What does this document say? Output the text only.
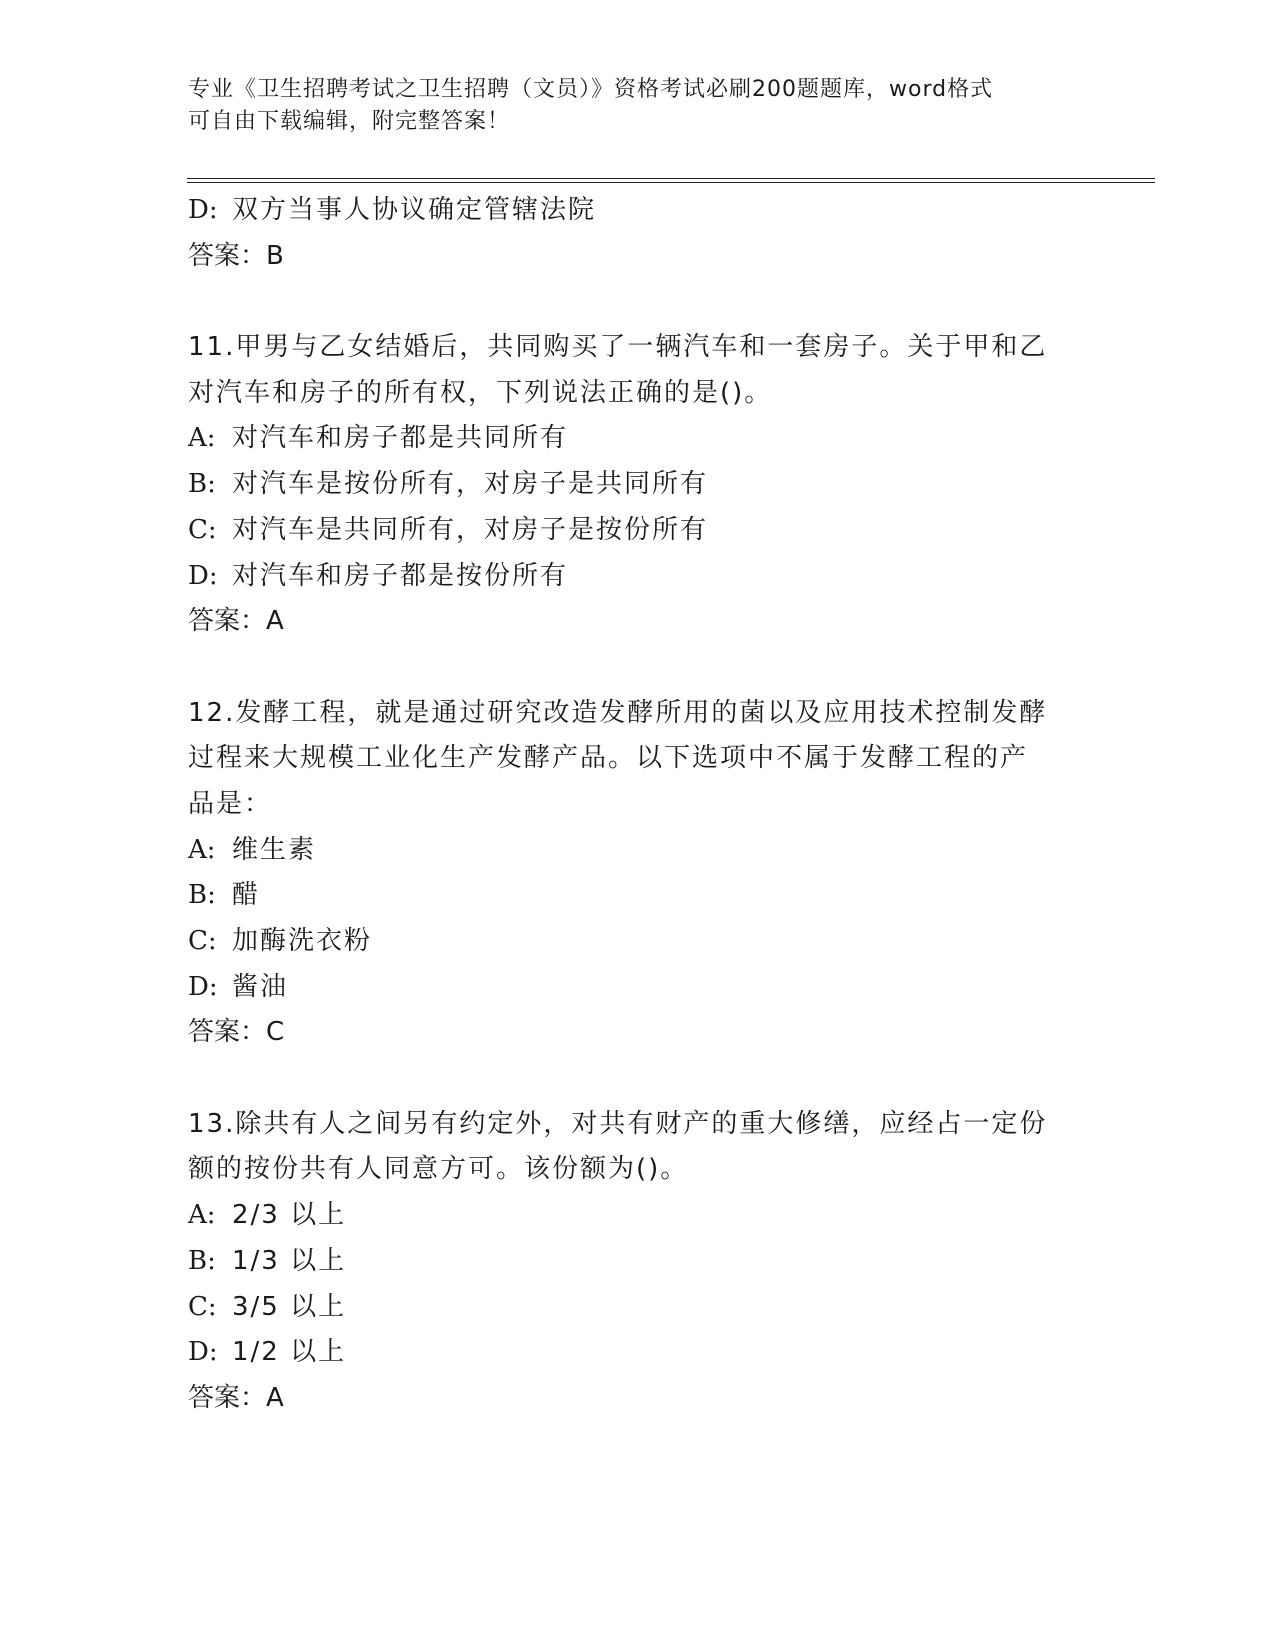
专业《卫生招聘考试之卫生招聘（文员）》资格考试必刷200题题库，word格式
可自由下载编辑，附完整答案！
D: 双方当事人协议确定管辖法院
答案：B
11.甲男与乙女结婚后，共同购买了一辆汽车和一套房子。关于甲和乙
对汽车和房子的所有权，下列说法正确的是()。
A: 对汽车和房子都是共同所有
B: 对汽车是按份所有，对房子是共同所有
C: 对汽车是共同所有，对房子是按份所有
D: 对汽车和房子都是按份所有
答案：A
12.发酵工程，就是通过研究改造发酵所用的菌以及应用技术控制发酵
过程来大规模工业化生产发酵产品。以下选项中不属于发酵工程的产
品是：
A: 维生素
B: 醋
C: 加酶洗衣粉
D: 酱油
答案：C
13.除共有人之间另有约定外，对共有财产的重大修缮，应经占一定份
额的按份共有人同意方可。该份额为()。
A: 2/3 以上
B: 1/3 以上
C: 3/5 以上
D: 1/2 以上
答案：A
